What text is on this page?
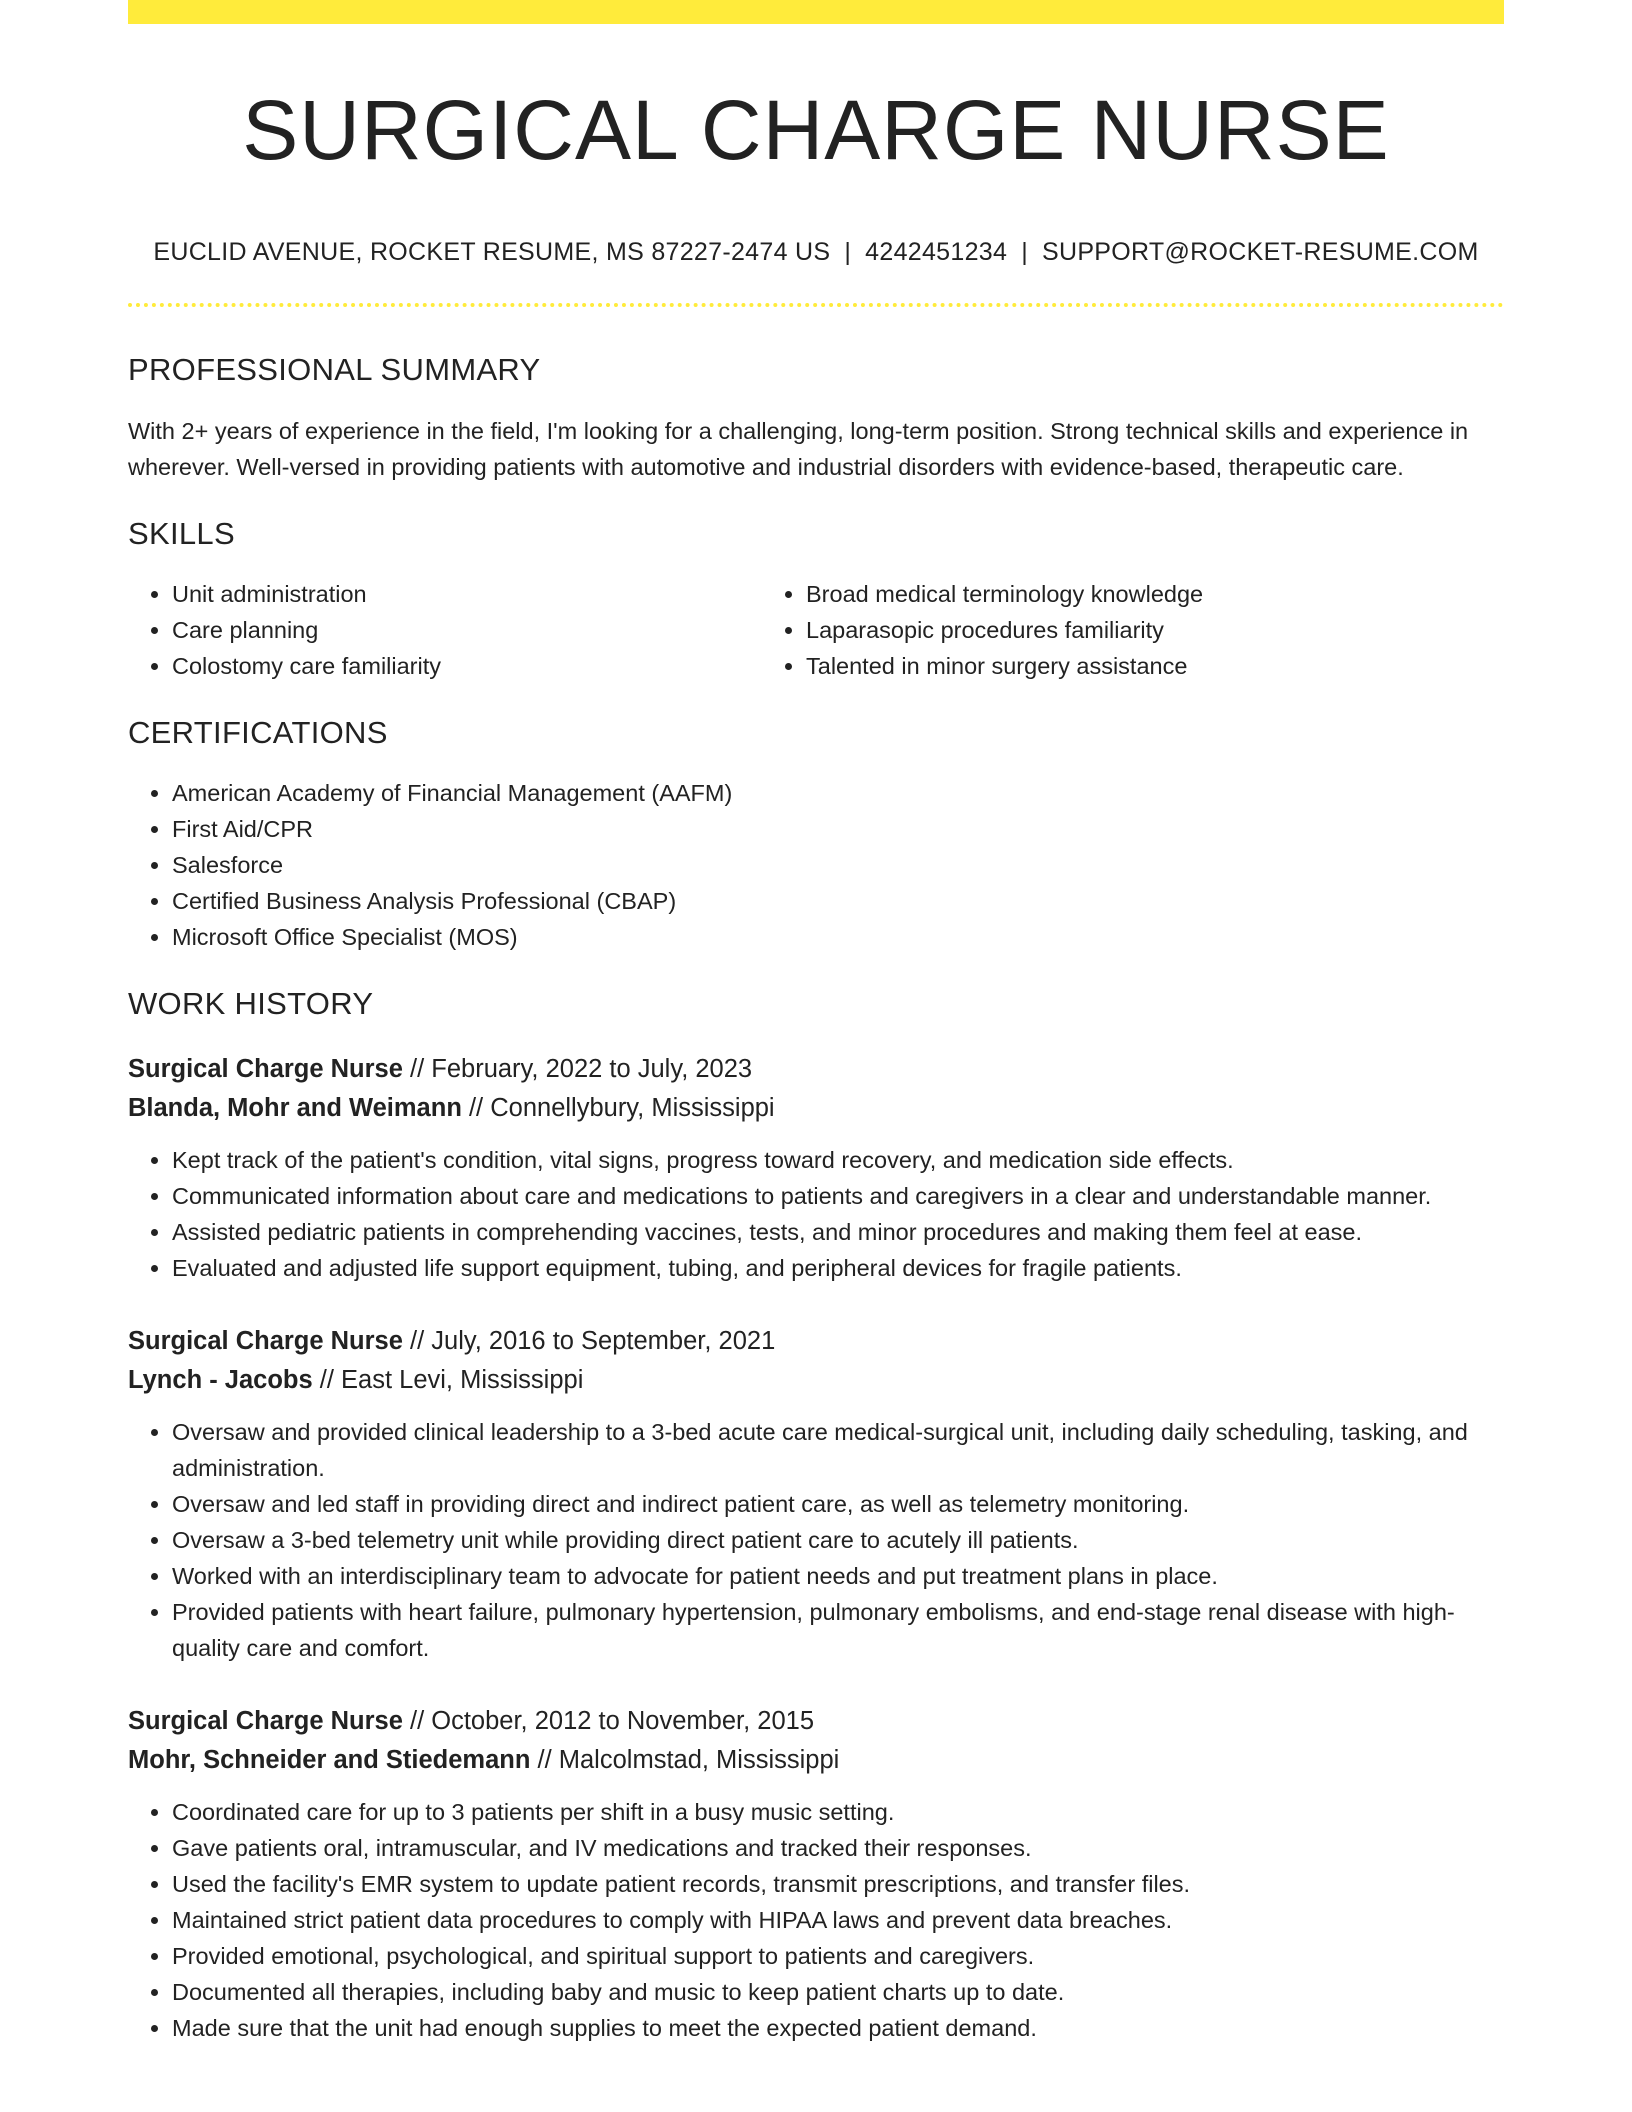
SURGICAL CHARGE NURSE
EUCLID AVENUE, ROCKET RESUME, MS 87227-2474 US | 4242451234 | SUPPORT@ROCKET-RESUME.COM
PROFESSIONAL SUMMARY
With 2+ years of experience in the field, I'm looking for a challenging, long-term position. Strong technical skills and experience in wherever. Well-versed in providing patients with automotive and industrial disorders with evidence-based, therapeutic care.
SKILLS
• Unit administration
• Care planning
• Colostomy care familiarity
• Broad medical terminology knowledge
• Laparasopic procedures familiarity
• Talented in minor surgery assistance
CERTIFICATIONS
• American Academy of Financial Management (AAFM)
• First Aid/CPR
• Salesforce
• Certified Business Analysis Professional (CBAP)
• Microsoft Office Specialist (MOS)
WORK HISTORY
Surgical Charge Nurse // February, 2022 to July, 2023
Blanda, Mohr and Weimann // Connellybury, Mississippi
• Kept track of the patient's condition, vital signs, progress toward recovery, and medication side effects.
• Communicated information about care and medications to patients and caregivers in a clear and understandable manner.
• Assisted pediatric patients in comprehending vaccines, tests, and minor procedures and making them feel at ease.
• Evaluated and adjusted life support equipment, tubing, and peripheral devices for fragile patients.
Surgical Charge Nurse // July, 2016 to September, 2021
Lynch - Jacobs // East Levi, Mississippi
• Oversaw and provided clinical leadership to a 3-bed acute care medical-surgical unit, including daily scheduling, tasking, and administration.
• Oversaw and led staff in providing direct and indirect patient care, as well as telemetry monitoring.
• Oversaw a 3-bed telemetry unit while providing direct patient care to acutely ill patients.
• Worked with an interdisciplinary team to advocate for patient needs and put treatment plans in place.
• Provided patients with heart failure, pulmonary hypertension, pulmonary embolisms, and end-stage renal disease with high-quality care and comfort.
Surgical Charge Nurse // October, 2012 to November, 2015
Mohr, Schneider and Stiedemann // Malcolmstad, Mississippi
• Coordinated care for up to 3 patients per shift in a busy music setting.
• Gave patients oral, intramuscular, and IV medications and tracked their responses.
• Used the facility's EMR system to update patient records, transmit prescriptions, and transfer files.
• Maintained strict patient data procedures to comply with HIPAA laws and prevent data breaches.
• Provided emotional, psychological, and spiritual support to patients and caregivers.
• Documented all therapies, including baby and music to keep patient charts up to date.
• Made sure that the unit had enough supplies to meet the expected patient demand.
